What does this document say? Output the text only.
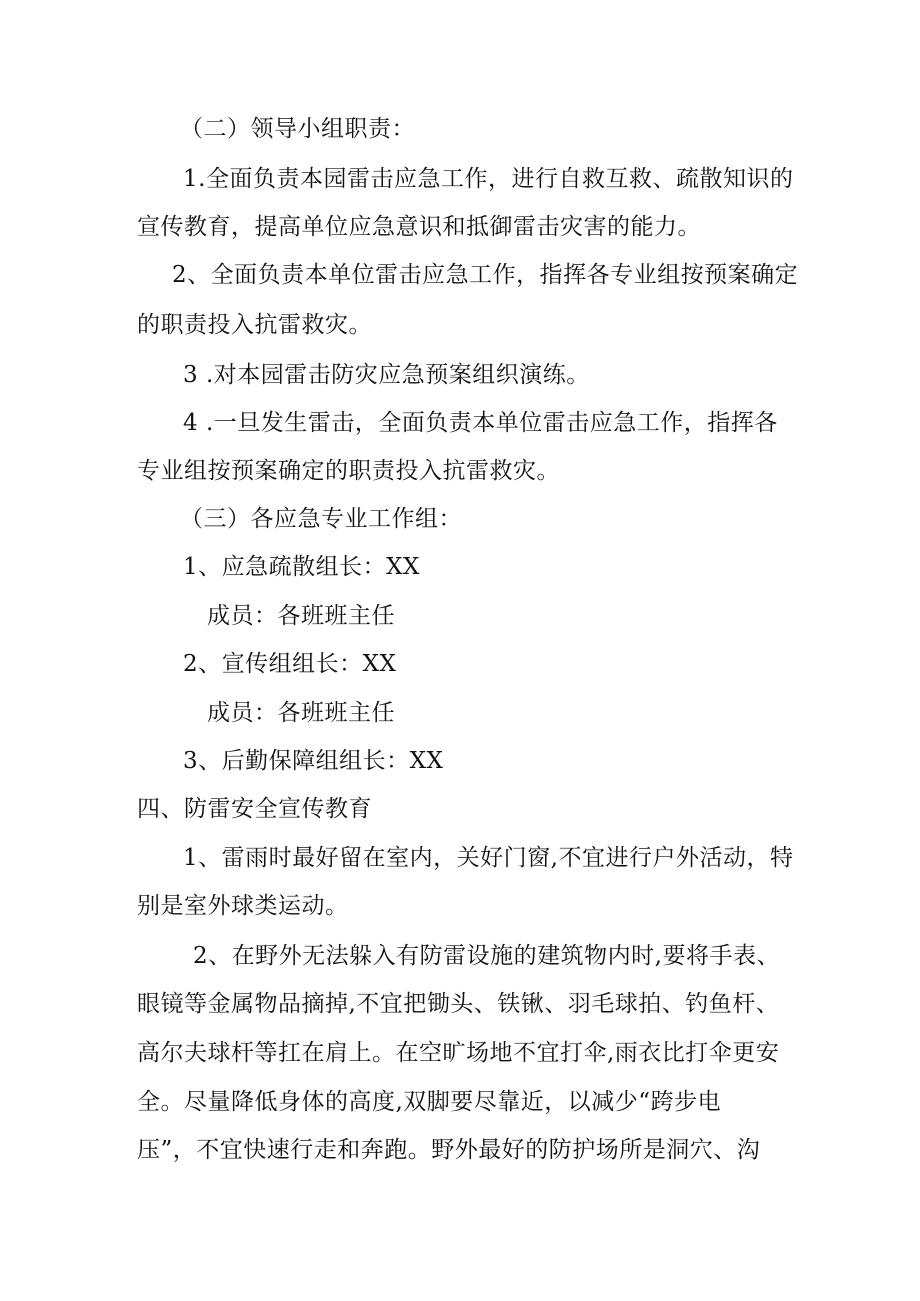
（二）领导小组职责：
1.全面负责本园雷击应急工作，进行自救互救、疏散知识的
宣传教育，提高单位应急意识和抵御雷击灾害的能力。
2、全面负责本单位雷击应急工作，指挥各专业组按预案确定
的职责投入抗雷救灾。
3 .对本园雷击防灾应急预案组织演练。
4 .一旦发生雷击，全面负责本单位雷击应急工作，指挥各
专业组按预案确定的职责投入抗雷救灾。
（三）各应急专业工作组：
1、应急疏散组长：XX
成员：各班班主任
2、宣传组组长：XX
成员：各班班主任
3、后勤保障组组长：XX
四、防雷安全宣传教育
1、雷雨时最好留在室内，关好门窗,不宜进行户外活动，特
别是室外球类运动。
2、在野外无法躲入有防雷设施的建筑物内时,要将手表、
眼镜等金属物品摘掉,不宜把锄头、铁锹、羽毛球拍、钓鱼杆、
高尔夫球杆等扛在肩上。在空旷场地不宜打伞,雨衣比打伞更安
全。尽量降低身体的高度,双脚要尽靠近，以减少“跨步电
压”，不宜快速行走和奔跑。野外最好的防护场所是洞穴、沟
